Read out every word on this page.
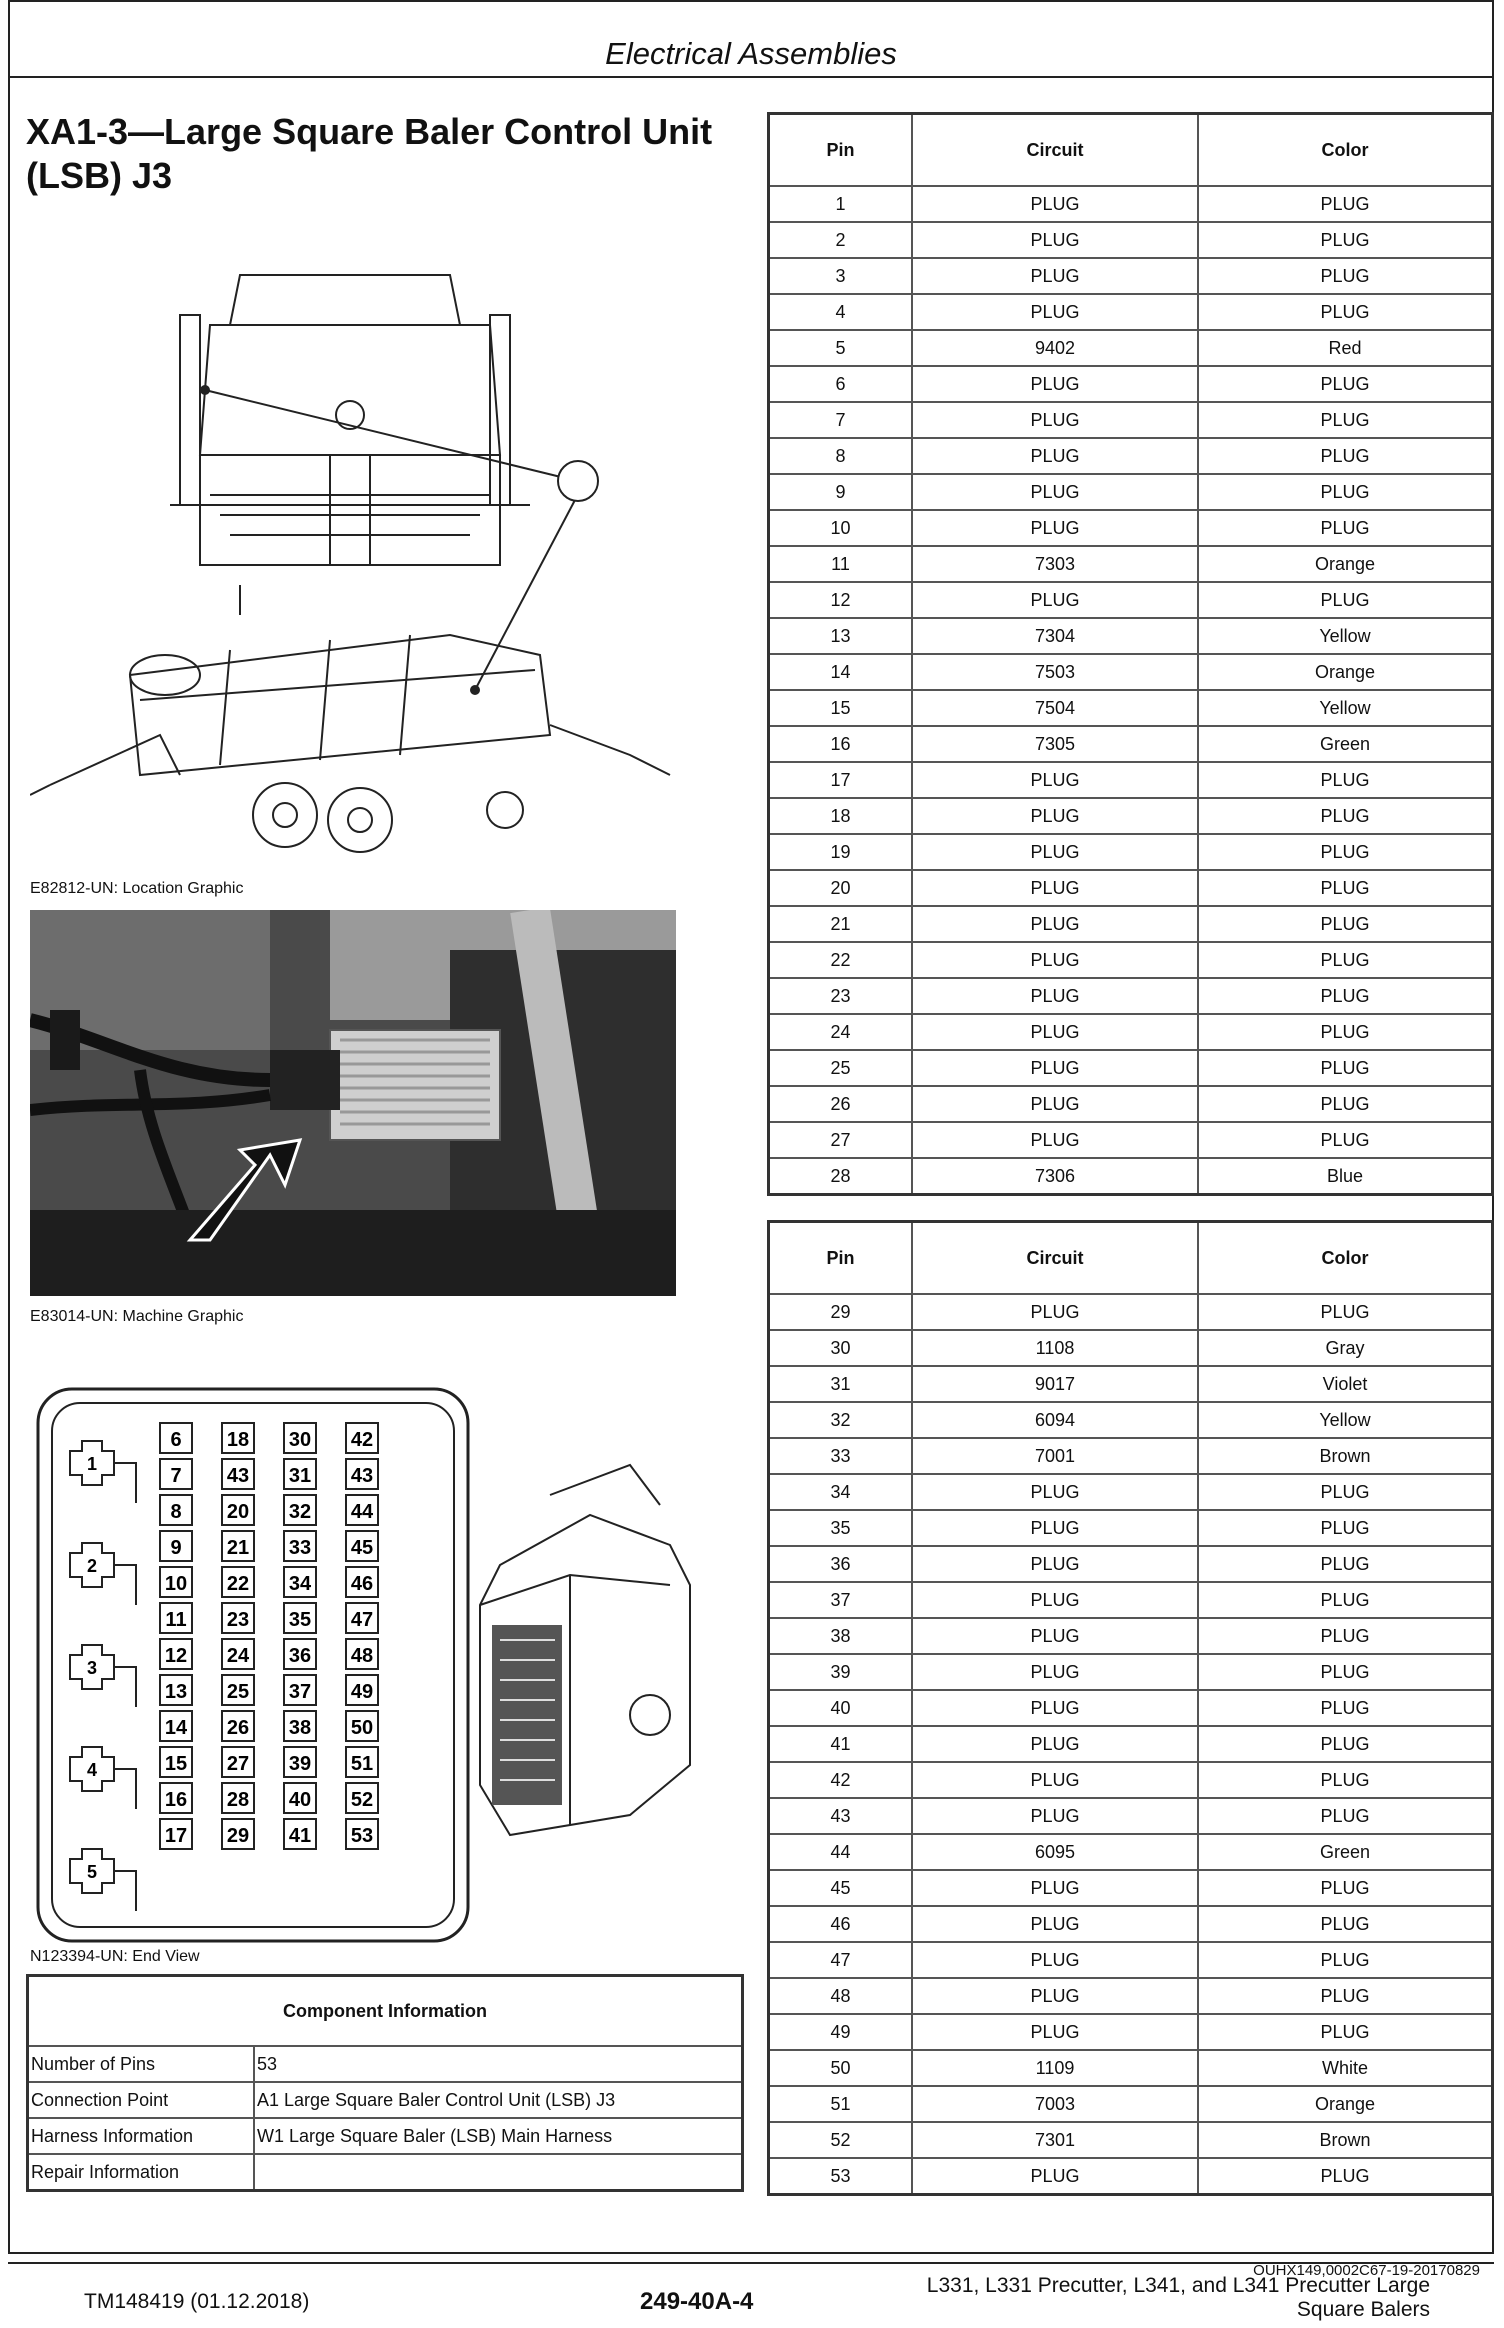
Electrical Assemblies
XA1-3—Large Square Baler Control Unit (LSB) J3
E82812-UN: Location Graphic
E83014-UN: Machine Graphic
6
7
8
9
10
11
12
13
14
15
16
17
18
43
20
21
22
23
24
25
26
27
28
29
30
31
32
33
34
35
36
37
38
39
40
41
42
43
44
45
46
47
48
49
50
51
52
53
1
2
3
4
5
N123394-UN: End View
Component Information	
Number of Pins	53
Connection Point	A1 Large Square Baler Control Unit (LSB) J3
Harness Information	W1 Large Square Baler (LSB) Main Harness
Repair Information	
Pin	Circuit	Color
1	PLUG	PLUG
2	PLUG	PLUG
3	PLUG	PLUG
4	PLUG	PLUG
5	9402	Red
6	PLUG	PLUG
7	PLUG	PLUG
8	PLUG	PLUG
9	PLUG	PLUG
10	PLUG	PLUG
11	7303	Orange
12	PLUG	PLUG
13	7304	Yellow
14	7503	Orange
15	7504	Yellow
16	7305	Green
17	PLUG	PLUG
18	PLUG	PLUG
19	PLUG	PLUG
20	PLUG	PLUG
21	PLUG	PLUG
22	PLUG	PLUG
23	PLUG	PLUG
24	PLUG	PLUG
25	PLUG	PLUG
26	PLUG	PLUG
27	PLUG	PLUG
28	7306	Blue
Pin	Circuit	Color
29	PLUG	PLUG
30	1108	Gray
31	9017	Violet
32	6094	Yellow
33	7001	Brown
34	PLUG	PLUG
35	PLUG	PLUG
36	PLUG	PLUG
37	PLUG	PLUG
38	PLUG	PLUG
39	PLUG	PLUG
40	PLUG	PLUG
41	PLUG	PLUG
42	PLUG	PLUG
43	PLUG	PLUG
44	6095	Green
45	PLUG	PLUG
46	PLUG	PLUG
47	PLUG	PLUG
48	PLUG	PLUG
49	PLUG	PLUG
50	1109	White
51	7003	Orange
52	7301	Brown
53	PLUG	PLUG
OUHX149,0002C67-19-20170829
TM148419 (01.12.2018)	249-40A-4
L331, L331 Precutter, L341, and L341 Precutter Large
Square Balers
